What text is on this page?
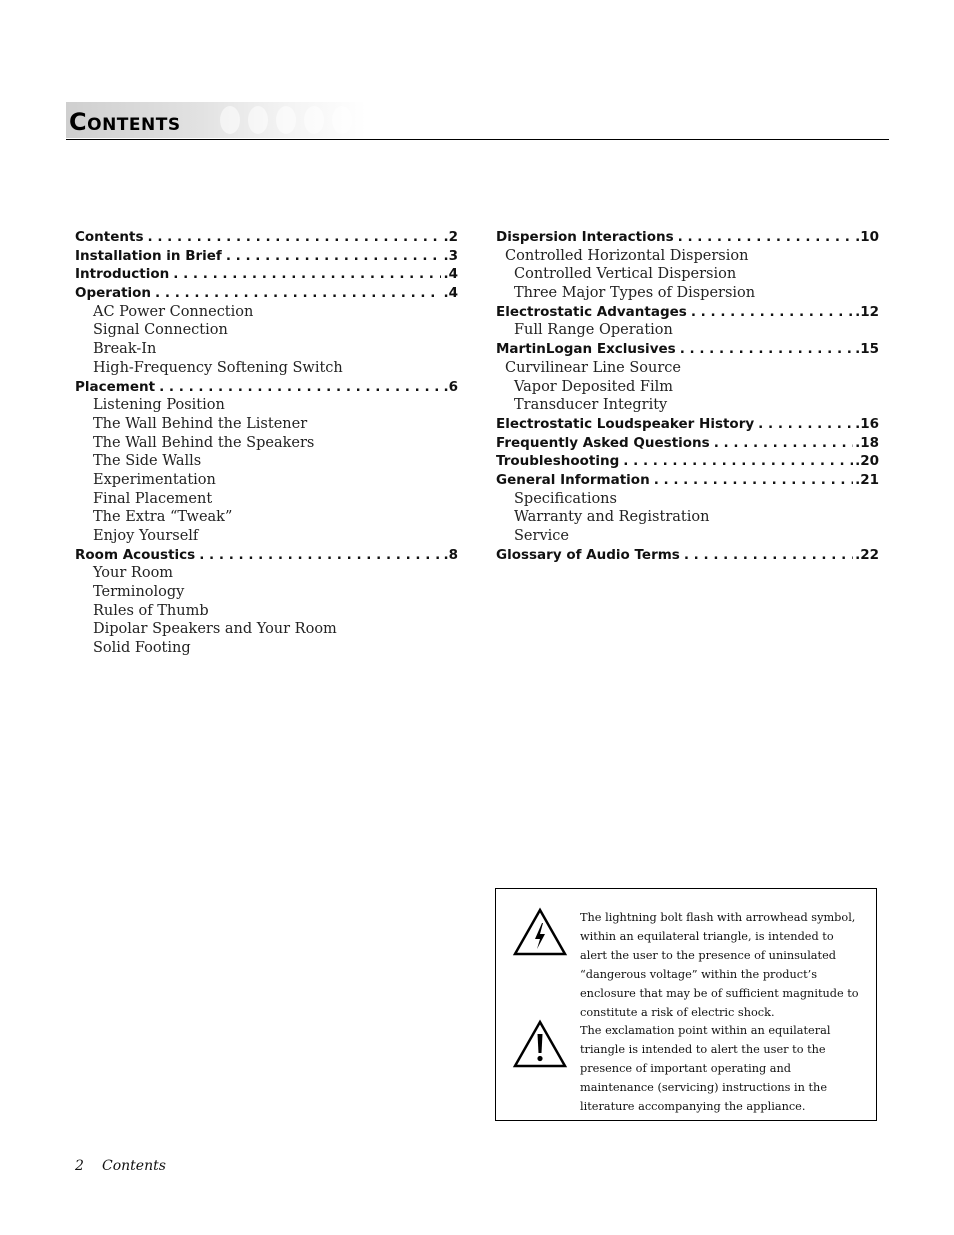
Contents
Contents . . .	.2
Installation in Brief . . .	.3
Introduction . . .	.4
Operation . . .	.4
AC Power Connection
Signal Connection
Break-In
High-Frequency Softening Switch
Placement . . .	.6
Listening Position
The Wall Behind the Listener
The Wall Behind the Speakers
The Side Walls
Experimentation
Final Placement
The Extra “Tweak”
Enjoy Yourself
Room Acoustics . . .	.8
Your Room
Terminology
Rules of Thumb
Dipolar Speakers and Your Room
Solid Footing
Dispersion Interactions . . .	.10
Controlled Horizontal Dispersion
Controlled Vertical Dispersion
Three Major Types of Dispersion
Electrostatic Advantages . . .	.12
Full Range Operation
MartinLogan Exclusives . . .	.15
Curvilinear Line Source
Vapor Deposited Film
Transducer Integrity
Electrostatic Loudspeaker History . . .	.16
Frequently Asked Questions . . .	.18
Troubleshooting . . .	.20
General Information . . .	.21
Specifications
Warranty and Registration
Service
Glossary of Audio Terms . . .	.22
The lightning bolt flash with arrowhead symbol, within an equilateral triangle, is intended to alert the user to the presence of uninsulated “dangerous voltage” within the product’s enclosure that may be of sufficient magnitude to constitute a risk of electric shock.
The exclamation point within an equilateral triangle is intended to alert the user to the presence of important operating and maintenance (servicing) instructions in the literature accompanying the appliance.
2 Contents
